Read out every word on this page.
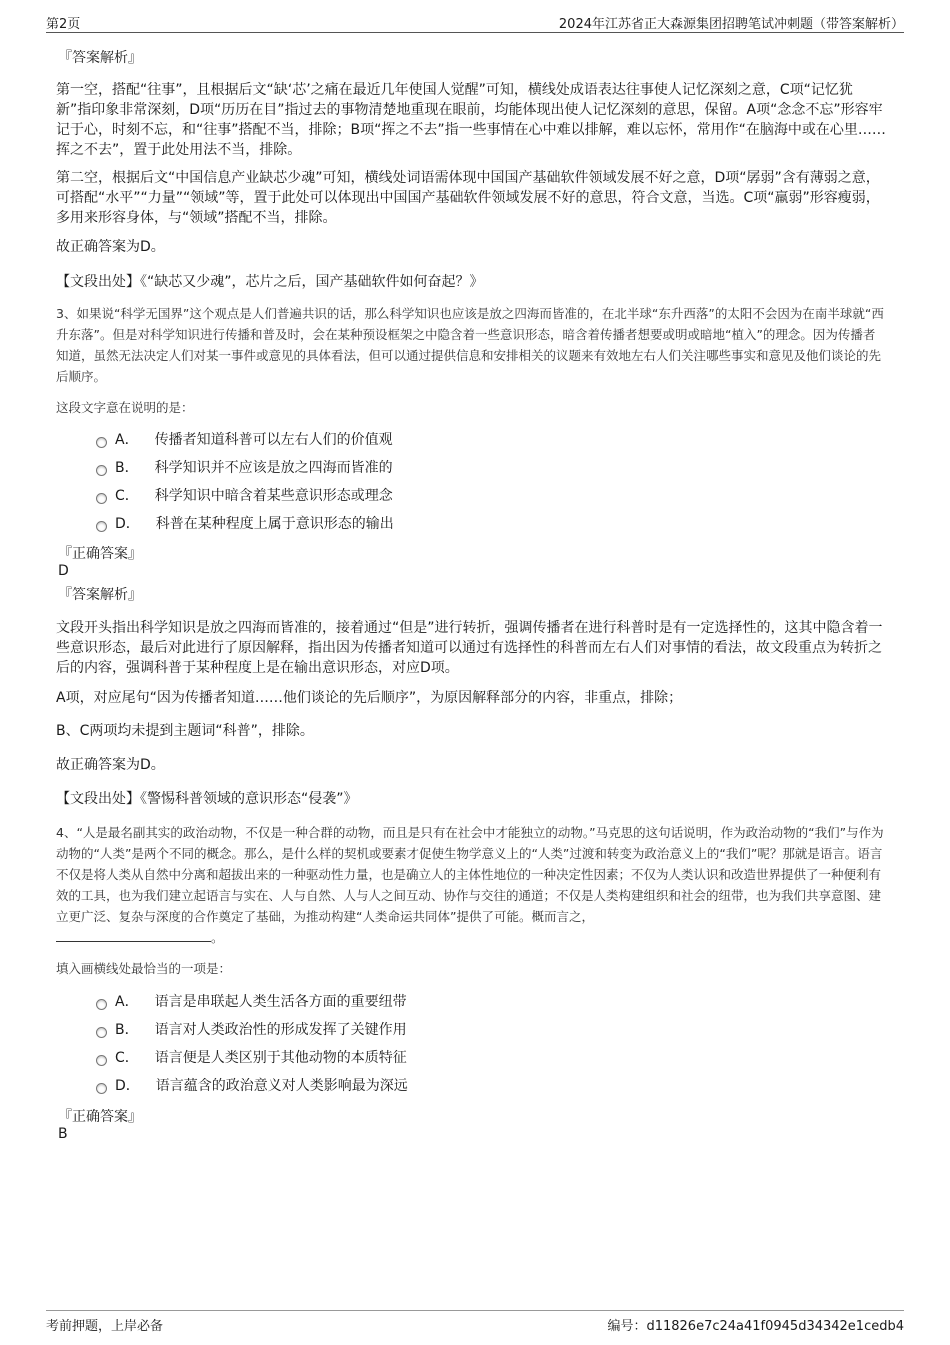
第2页	2024年江苏省正大森源集团招聘笔试冲刺题（带答案解析）
『答案解析』

第一空，搭配“往事”，且根据后文“缺‘芯’之痛在最近几年使国人觉醒”可知，横线处成语表达往事使人记忆深刻之意，C项“记忆犹新”指印象非常深刻，D项“历历在目”指过去的事物清楚地重现在眼前，均能体现出使人记忆深刻的意思，保留。A项“念念不忘”形容牢记于心，时刻不忘，和“往事”搭配不当，排除；B项“挥之不去”指一些事情在心中难以排解，难以忘怀，常用作“在脑海中或在心里……挥之不去”，置于此处用法不当，排除。

第二空，根据后文“中国信息产业缺芯少魂”可知，横线处词语需体现中国国产基础软件领域发展不好之意，D项“孱弱”含有薄弱之意，可搭配“水平”“力量”“领域”等，置于此处可以体现出中国国产基础软件领域发展不好的意思，符合文意，当选。C项“羸弱”形容瘦弱，多用来形容身体，与“领域”搭配不当，排除。

故正确答案为D。

【文段出处】《“缺芯又少魂”，芯片之后，国产基础软件如何奋起？》

3、如果说“科学无国界”这个观点是人们普遍共识的话，那么科学知识也应该是放之四海而皆准的，在北半球“东升西落”的太阳不会因为在南半球就“西升东落”。但是对科学知识进行传播和普及时，会在某种预设框架之中隐含着一些意识形态，暗含着传播者想要或明或暗地“植入”的理念。因为传播者知道，虽然无法决定人们对某一事件或意见的具体看法，但可以通过提供信息和安排相关的议题来有效地左右人们关注哪些事实和意见及他们谈论的先后顺序。

这段文字意在说明的是：
A． 传播者知道科普可以左右人们的价值观
B． 科学知识并不应该是放之四海而皆准的
C． 科学知识中暗含着某些意识形态或理念
D． 科普在某种程度上属于意识形态的输出
『正确答案』
D
『答案解析』

文段开头指出科学知识是放之四海而皆准的，接着通过“但是”进行转折，强调传播者在进行科普时是有一定选择性的，这其中隐含着一些意识形态，最后对此进行了原因解释，指出因为传播者知道可以通过有选择性的科普而左右人们对事情的看法，故文段重点为转折之后的内容，强调科普于某种程度上是在输出意识形态，对应D项。

A项，对应尾句“因为传播者知道……他们谈论的先后顺序”，为原因解释部分的内容，非重点，排除；

B、C两项均未提到主题词“科普”，排除。

故正确答案为D。

【文段出处】《警惕科普领域的意识形态“侵袭”》

4、“人是最名副其实的政治动物，不仅是一种合群的动物，而且是只有在社会中才能独立的动物。”马克思的这句话说明，作为政治动物的“我们”与作为动物的“人类”是两个不同的概念。那么，是什么样的契机或要素才促使生物学意义上的“人类”过渡和转变为政治意义上的“我们”呢？那就是语言。语言不仅是将人类从自然中分离和超拔出来的一种驱动性力量，也是确立人的主体性地位的一种决定性因素；不仅为人类认识和改造世界提供了一种便利有效的工具，也为我们建立起语言与实在、人与自然、人与人之间互动、协作与交往的通道；不仅是人类构建组织和社会的纽带，也为我们共享意图、建立更广泛、复杂与深度的合作奠定了基础，为推动构建“人类命运共同体”提供了可能。概而言之，
。

填入画横线处最恰当的一项是：
A． 语言是串联起人类生活各方面的重要纽带
B． 语言对人类政治性的形成发挥了关键作用
C． 语言便是人类区别于其他动物的本质特征
D． 语言蕴含的政治意义对人类影响最为深远
『正确答案』
B
考前押题，上岸必备	编号：d11826e7c24a41f0945d34342e1cedb4
